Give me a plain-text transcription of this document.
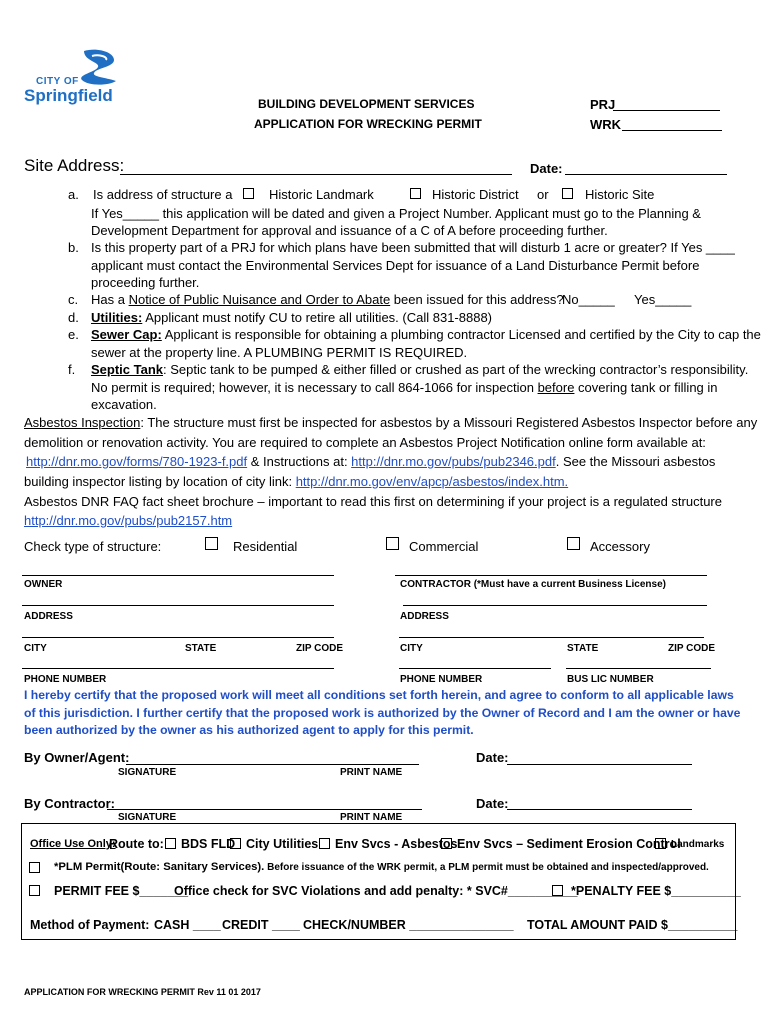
CITY OF
Springfield	BUILDING DEVELOPMENT SERVICES
APPLICATION FOR WRECKING PERMIT
PRJ
WRK
Site Address:	Date:
a. Is address of structure a	Historic Landmark	Historic District or	Historic Site
If Yes_____ this application will be dated and given a Project Number. Applicant must go to the Planning &
Development Department for approval and issuance of a C of A before proceeding further.
b. Is this property part of a PRJ for which plans have been submitted that will disturb 1 acre or greater? If Yes ____
applicant must contact the Environmental Services Dept for issuance of a Land Disturbance Permit before
proceeding further.
c. Has a Notice of Public Nuisance and Order to Abate been issued for this address?
No_____ Yes_____
d. Utilities: Applicant must notify CU to retire all utilities. (Call 831-8888)
e. Sewer Cap: Applicant is responsible for obtaining a plumbing contractor Licensed and certified by the City to cap the
sewer at the property line. A PLUMBING PERMIT IS REQUIRED.
f. Septic Tank: Septic tank to be pumped & either filled or crushed as part of the wrecking contractor’s responsibility.
No permit is required; however, it is necessary to call 864-1066 for inspection before covering tank or filling in
excavation.
Asbestos Inspection: The structure must first be inspected for asbestos by a Missouri Registered Asbestos Inspector before any
demolition or renovation activity. You are required to complete an Asbestos Project Notification online form available at:
http://dnr.mo.gov/forms/780-1923-f.pdf & Instructions at: http://dnr.mo.gov/pubs/pub2346.pdf. See the Missouri asbestos
building inspector listing by location of city link: http://dnr.mo.gov/env/apcp/asbestos/index.htm.
Asbestos DNR FAQ fact sheet brochure – important to read this first on determining if your project is a regulated structure
http://dnr.mo.gov/pubs/pub2157.htm
Check type of structure:	Residential	Commercial	Accessory
OWNER	CONTRACTOR (*Must have a current Business License)
ADDRESS	ADDRESS
CITY	STATE	ZIP CODE	CITY	STATE	ZIP CODE
PHONE NUMBER	PHONE NUMBER	BUS LIC NUMBER
I hereby certify that the proposed work will meet all conditions set forth herein, and agree to conform to all applicable laws
of this jurisdiction. I further certify that the proposed work is authorized by the Owner of Record and I am the owner or have
been authorized by the owner as his authorized agent to apply for this permit.
By Owner/Agent:	Date:
SIGNATURE	PRINT NAME
By Contractor:	Date:
SIGNATURE	PRINT NAME
Office Use Only:
Route to: BDS FLD City Utilities Env Svcs - Asbestos Env Svcs – Sediment Erosion Control
Landmarks
*PLM Permit(Route: Sanitary Services). Before issuance of the WRK permit, a PLM permit must be obtained and inspected/approved.
PERMIT FEE $_______
Office check for SVC Violations and add penalty: * SVC#__________
*PENALTY FEE $__________
Method of Payment: CASH ____ CREDIT ____ CHECK/NUMBER _______________ TOTAL AMOUNT PAID $__________
APPLICATION FOR WRECKING PERMIT Rev 11 01 2017
